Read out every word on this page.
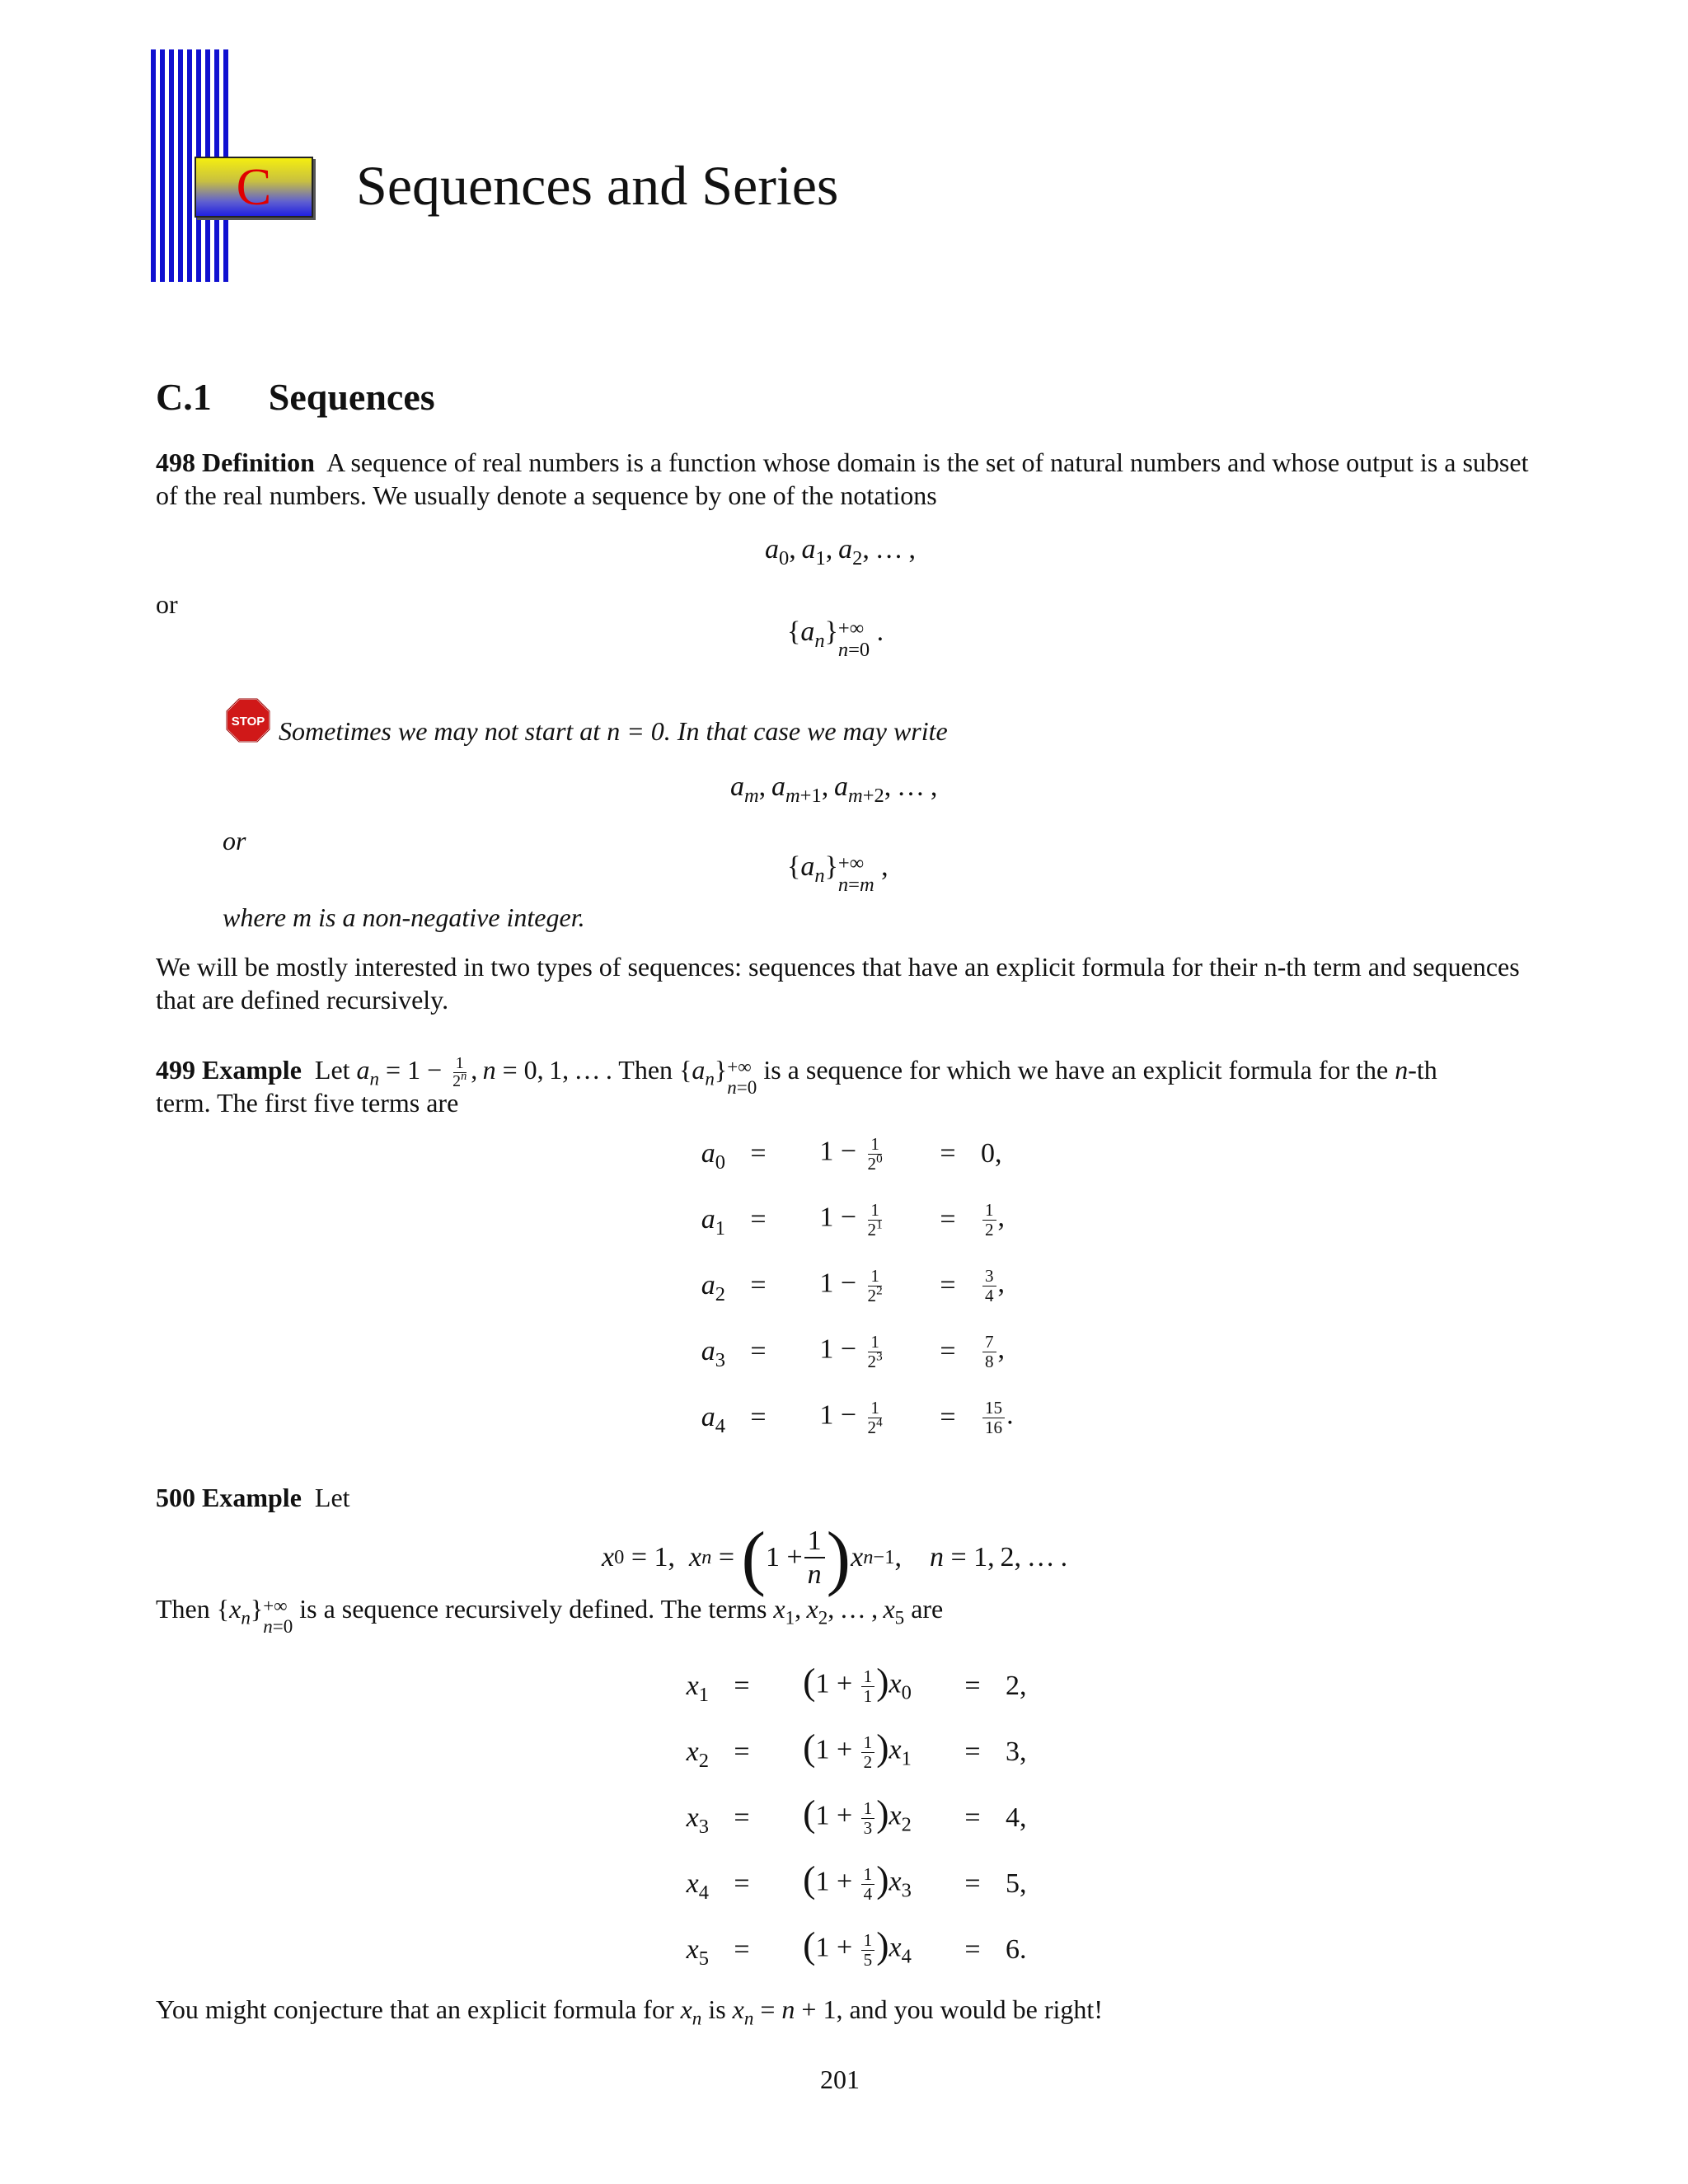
C Sequences and Series
C.1 Sequences
498 Definition A sequence of real numbers is a function whose domain is the set of natural numbers and whose output is a subset of the real numbers. We usually denote a sequence by one of the notations
$a_0$, $a_1$, $a_2$, … ,
or
$\{a_n\}$ +∞
n=0
.
STOP Sometimes we may not start at n = 0. In that case we may write
$a_m$, $a_{m+1}$, $a_{m+2}$, … ,
or
$\{a_n\}$ +∞
n=m
,
where m is a non-negative integer.
We will be mostly interested in two types of sequences: sequences that have an explicit formula for their n-th term and sequences that are defined recursively.
499 Example Let $a_n = 1 - \frac{1}{2^n}$ , n = 0, 1, … . Then $\{a_n\}$ +∞
n=0
is a sequence for which we have an explicit formula for the n-th
term. The first five terms are
$a_0$ =	$1 - \frac{1}{2^0}$	= 0,
$a_1$ =	$1 - \frac{1}{2^1}$	=	$\frac{1}{2}$ ,
$a_2$ =	$1 - \frac{1}{2^2}$	=	$\frac{3}{4}$ ,
$a_3$ =	$1 - \frac{1}{2^3}$	=	$\frac{7}{8}$ ,
$a_4$ =	$1 - \frac{1}{2^4}$	=	$\frac{15}{16}$ .
500 Example Let
x 0 = 1, x n = ( 1 +
1
n ) x n−1 , n = 1, 2, … .
Then $\{x_n\}$ +∞
n=0
is a sequence recursively defined. The terms $x_1$, $x_2$, … , $x_5$ are
$x_1$ =	$(1 + \frac{1}{1} )x_0$	= 2,
$x_2$ =	$(1 + \frac{1}{2} )x_1$	= 3,
$x_3$ =	$(1 + \frac{1}{3} )x_2$	= 4,
$x_4$ =	$(1 + \frac{1}{4} )x_3$	= 5,
$x_5$ =	$(1 + \frac{1}{5} )x_4$	= 6.
You might conjecture that an explicit formula for $x_n$ is $x_n = n + 1$, and you would be right!
201
